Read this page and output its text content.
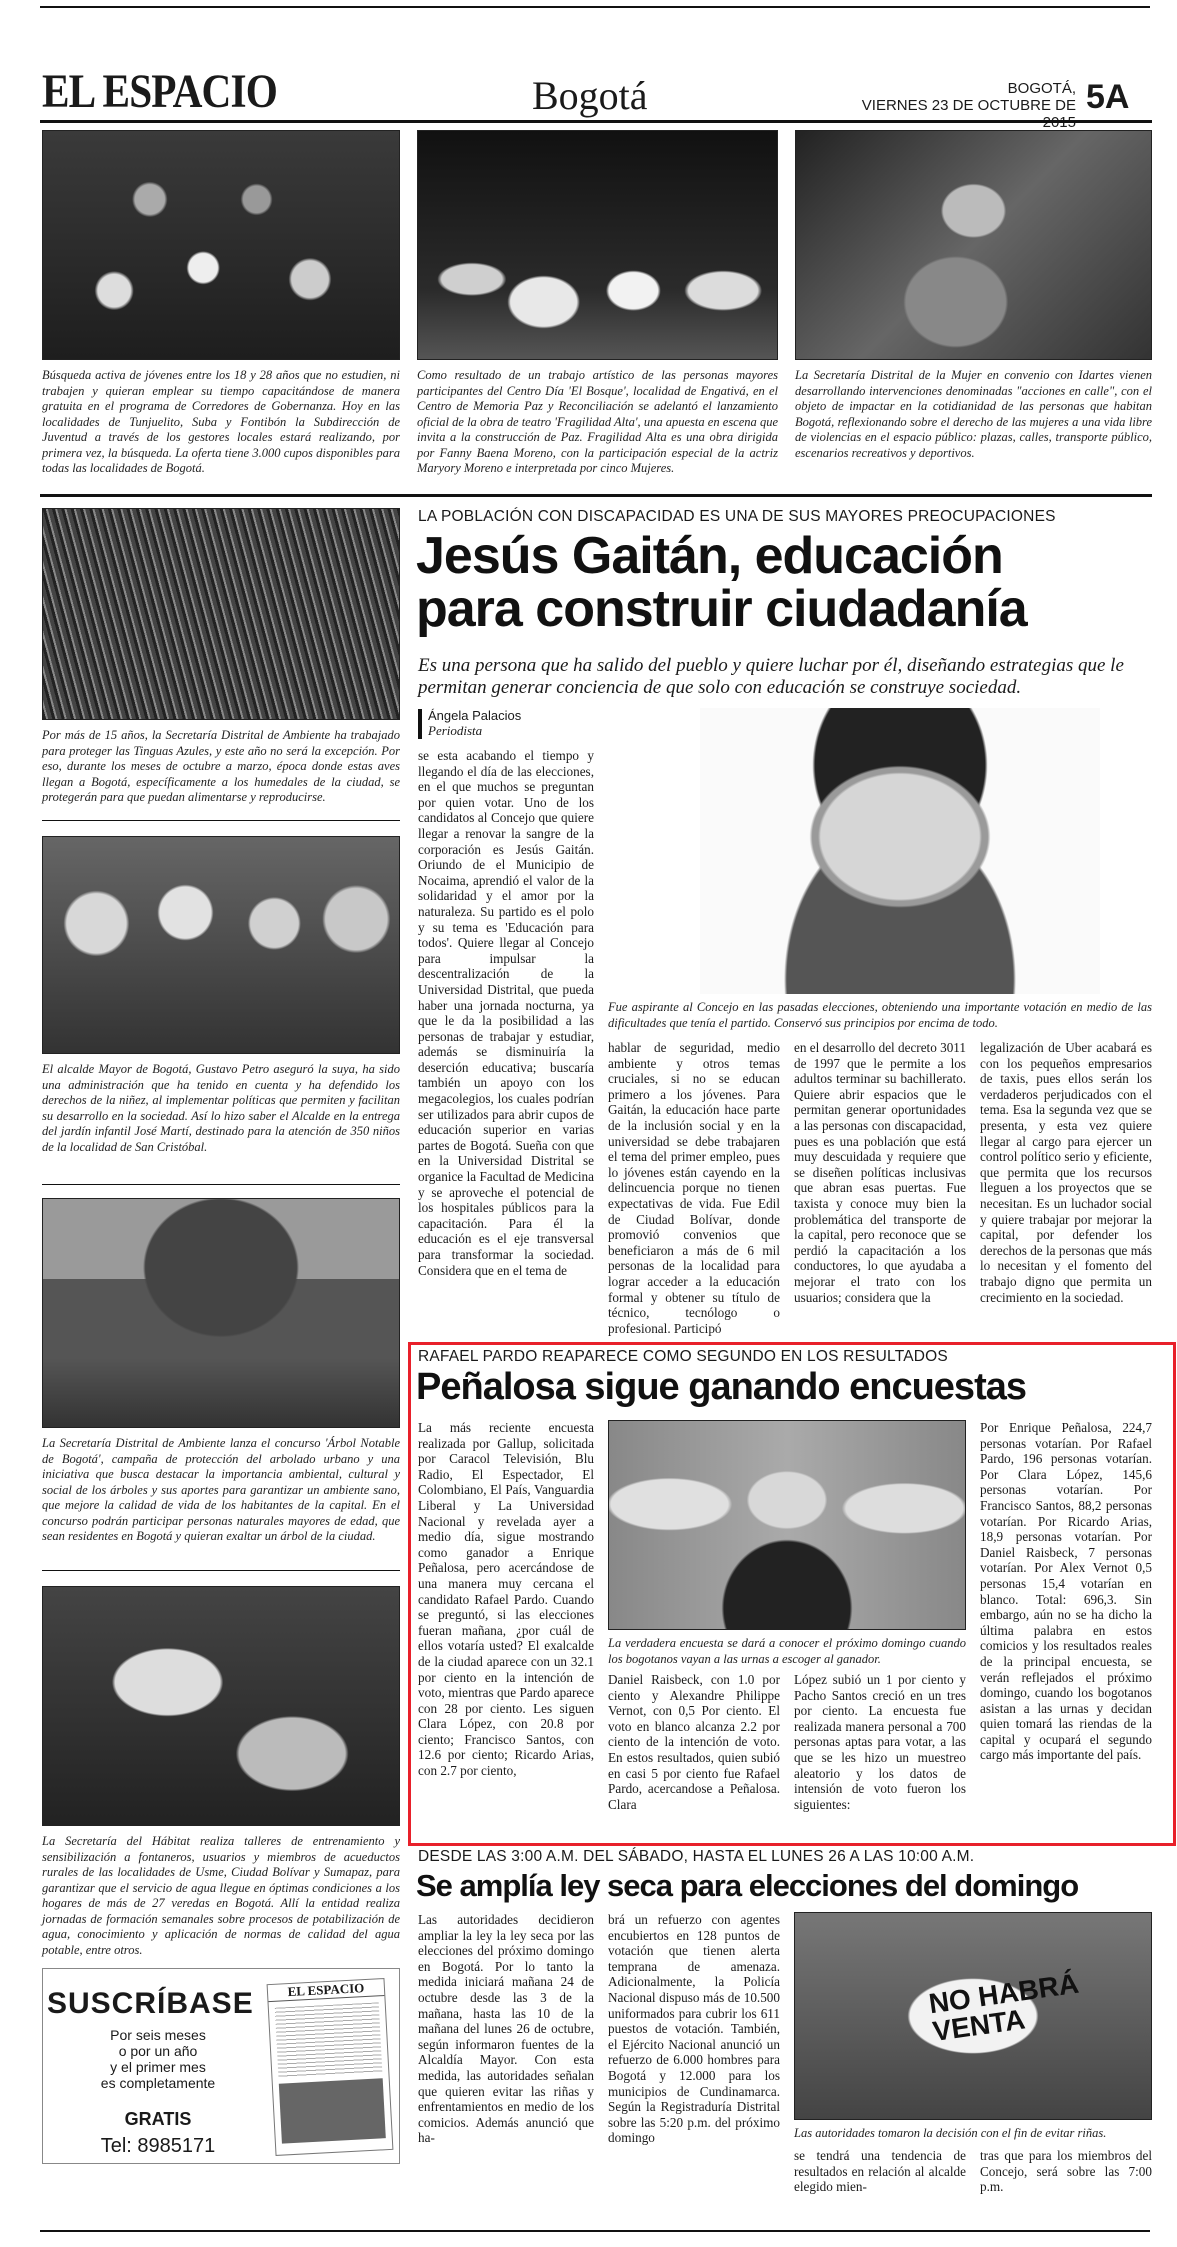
EL ESPACIO	Bogotá	BOGOTÁ,
VIERNES 23 DE OCTUBRE DE 5A
Búsqueda activa de jóvenes entre los 18 y 28 años que no estudien, ni trabajen y quieran emplear su tiempo capacitándose de manera gratuita en el programa de Corredores de Gobernanza. Hoy en las localidades de Tunjuelito, Suba y Fontibón la Subdirección de Juventud a través de los gestores locales estará realizando, por primera vez, la búsqueda. La oferta tiene 3.000 cupos disponibles para todas las localidades de Bogotá.
Como resultado de un trabajo artístico de las personas mayores participantes del Centro Día 'El Bosque', localidad de Engativá, en el Centro de Memoria Paz y Reconciliación se adelantó el lanzamiento oficial de la obra de teatro 'Fragilidad Alta', una apuesta en escena que invita a la construcción de Paz. Fragilidad Alta es una obra dirigida por Fanny Baena Moreno, con la participación especial de la actriz Maryory Moreno e interpretada por cinco Mujeres.
La Secretaría Distrital de la Mujer en convenio con Idartes vienen desarrollando intervenciones denominadas "acciones en calle", con el objeto de impactar en la cotidianidad de las personas que habitan Bogotá, reflexionando sobre el derecho de las mujeres a una vida libre de violencias en el espacio público: plazas, calles, transporte público, escenarios recreativos y deportivos.
Por más de 15 años, la Secretaría Distrital de Ambiente ha trabajado para proteger las Tinguas Azules, y este año no será la excepción. Por eso, durante los meses de octubre a marzo, época donde estas aves llegan a Bogotá, específicamente a los humedales de la ciudad, se protegerán para que puedan alimentarse y reproducirse.
El alcalde Mayor de Bogotá, Gustavo Petro aseguró la suya, ha sido una administración que ha tenido en cuenta y ha defendido los derechos de la niñez, al implementar políticas que permiten y facilitan su desarrollo en la sociedad. Así lo hizo saber el Alcalde en la entrega del jardín infantil José Martí, destinado para la atención de 350 niños de la localidad de San Cristóbal.
La Secretaría Distrital de Ambiente lanza el concurso 'Árbol Notable de Bogotá', campaña de protección del arbolado urbano y una iniciativa que busca destacar la importancia ambiental, cultural y social de los árboles y sus aportes para garantizar un ambiente sano, que mejore la calidad de vida de los habitantes de la capital. En el concurso podrán participar personas naturales mayores de edad, que sean residentes en Bogotá y quieran exaltar un árbol de la ciudad.
La Secretaría del Hábitat realiza talleres de entrenamiento y sensibilización a fontaneros, usuarios y miembros de acueductos rurales de las localidades de Usme, Ciudad Bolívar y Sumapaz, para garantizar que el servicio de agua llegue en óptimas condiciones a los hogares de más de 27 veredas en Bogotá. Allí la entidad realiza jornadas de formación semanales sobre procesos de potabilización de agua, conocimiento y aplicación de normas de calidad del agua potable, entre otros.
SUSCRÍBASE
Por seis meses
o por un año
y el primer mes
es completamente
GRATIS
Tel: 8985171
EL ESPACIO
LA POBLACIÓN CON DISCAPACIDAD ES UNA DE SUS MAYORES PREOCUPACIONES
Jesús Gaitán, educación
para construir ciudadanía
Es una persona que ha salido del pueblo y quiere luchar por él, diseñando estrategias que le permitan generar conciencia de que solo con educación se construye sociedad.
Ángela Palacios
Periodista
se esta acabando el tiempo y llegando el día de las elecciones, en el que muchos se preguntan por quien votar. Uno de los candidatos al Concejo que quiere llegar a renovar la sangre de la corporación es Jesús Gaitán. Oriundo de el Municipio de Nocaima, aprendió el valor de la solidaridad y el amor por la naturaleza. Su partido es el polo y su tema es 'Educación para todos'. Quiere llegar al Concejo para impulsar la descentralización de la Universidad Distrital, que pueda haber una jornada nocturna, ya que le da la posibilidad a las personas de trabajar y estudiar, además se disminuiría la deserción educativa; buscaría también un apoyo con los megacolegios, los cuales podrían ser utilizados para abrir cupos de educación superior en varias partes de Bogotá. Sueña con que en la Universidad Distrital se organice la Facultad de Medicina y se aproveche el potencial de los hospitales públicos para la capacitación. Para él la educación es el eje transversal para transformar la sociedad. Considera que en el tema de
Fue aspirante al Concejo en las pasadas elecciones, obteniendo una importante votación en medio de las dificultades que tenía el partido. Conservó sus principios por encima de todo.
hablar de seguridad, medio ambiente y otros temas cruciales, si no se educan primero a los jóvenes. Para Gaitán, la educación hace parte de la inclusión social y en la universidad se debe trabajaren el tema del primer empleo, pues lo jóvenes están cayendo en la delincuencia porque no tienen expectativas de vida. Fue Edil de Ciudad Bolívar, donde promovió convenios que beneficiaron a más de 6 mil personas de la localidad para lograr acceder a la educación formal y obtener su título de técnico, tecnólogo o profesional. Participó
en el desarrollo del decreto 3011 de 1997 que le permite a los adultos terminar su bachillerato. Quiere abrir espacios que le permitan generar oportunidades a las personas con discapacidad, pues es una población que está muy descuidada y requiere que se diseñen políticas inclusivas que abran esas puertas. Fue taxista y conoce muy bien la problemática del transporte de la capital, pero reconoce que se perdió la capacitación a los conductores, lo que ayudaba a mejorar el trato con los usuarios; considera que la
legalización de Uber acabará es con los pequeños empresarios de taxis, pues ellos serán los verdaderos perjudicados con el tema. Esa la segunda vez que se presenta, y esta vez quiere llegar al cargo para ejercer un control político serio y eficiente, que permita que los recursos lleguen a los proyectos que se necesitan. Es un luchador social y quiere trabajar por mejorar la capital, por defender los derechos de la personas que más lo necesitan y el fomento del trabajo digno que permita un crecimiento en la sociedad.
RAFAEL PARDO REAPARECE COMO SEGUNDO EN LOS RESULTADOS
Peñalosa sigue ganando encuestas
La más reciente encuesta realizada por Gallup, solicitada por Caracol Televisión, Blu Radio, El Espectador, El Colombiano, El País, Vanguardia Liberal y La Universidad Nacional y revelada ayer a medio día, sigue mostrando como ganador a Enrique Peñalosa, pero acercándose de una manera muy cercana el candidato Rafael Pardo. Cuando se preguntó, si las elecciones fueran mañana, ¿por cuál de ellos votaría usted? El exalcalde de la ciudad aparece con un 32.1 por ciento en la intención de voto, mientras que Pardo aparece con 28 por ciento. Les siguen Clara López, con 20.8 por ciento; Francisco Santos, con 12.6 por ciento; Ricardo Arias, con 2.7 por ciento,
La verdadera encuesta se dará a conocer el próximo domingo cuando los bogotanos vayan a las urnas a escoger al ganador.
Daniel Raisbeck, con 1.0 por ciento y Alexandre Philippe Vernot, con 0,5 Por ciento. El voto en blanco alcanza 2.2 por ciento de la intención de voto. En estos resultados, quien subió en casi 5 por ciento fue Rafael Pardo, acercandose a Peñalosa. Clara
López subió un 1 por ciento y Pacho Santos creció en un tres por ciento. La encuesta fue realizada manera personal a 700 personas aptas para votar, a las que se les hizo un muestreo aleatorio y los datos de intensión de voto fueron los siguientes:
Por Enrique Peñalosa, 224,7 personas votarían. Por Rafael Pardo, 196 personas votarían. Por Clara López, 145,6 personas votarían. Por Francisco Santos, 88,2 personas votarían. Por Ricardo Arias, 18,9 personas votarían. Por Daniel Raisbeck, 7 personas votarían. Por Alex Vernot 0,5 personas 15,4 votarían en blanco. Total: 696,3. Sin embargo, aún no se ha dicho la última palabra en estos comicios y los resultados reales de la principal encuesta, se verán reflejados el próximo domingo, cuando los bogotanos asistan a las urnas y decidan quien tomará las riendas de la capital y ocupará el segundo cargo más importante del país.
DESDE LAS 3:00 A.M. DEL SÁBADO, HASTA EL LUNES 26 A LAS 10:00 A.M.
Se amplía ley seca para elecciones del domingo
Las autoridades decidieron ampliar la ley la ley seca por las elecciones del próximo domingo en Bogotá. Por lo tanto la medida iniciará mañana 24 de octubre desde las 3 de la mañana, hasta las 10 de la mañana del lunes 26 de octubre, según informaron fuentes de la Alcaldía Mayor. Con esta medida, las autoridades señalan que quieren evitar las riñas y enfrentamientos en medio de los comicios. Además anunció que ha-
brá un refuerzo con agentes encubiertos en 128 puntos de votación que tienen alerta temprana de amenaza. Adicionalmente, la Policía Nacional dispuso más de 10.500 uniformados para cubrir los 611 puestos de votación. También, el Ejército Nacional anunció un refuerzo de 6.000 hombres para Bogotá y 12.000 para los municipios de Cundinamarca. Según la Registraduría Distrital sobre las 5:20 p.m. del próximo domingo
NO HABRÁ VENTA
Las autoridades tomaron la decisión con el fin de evitar riñas.
se tendrá una tendencia de resultados en relación al alcalde elegido mien-
tras que para los miembros del Concejo, será sobre las 7:00 p.m.
